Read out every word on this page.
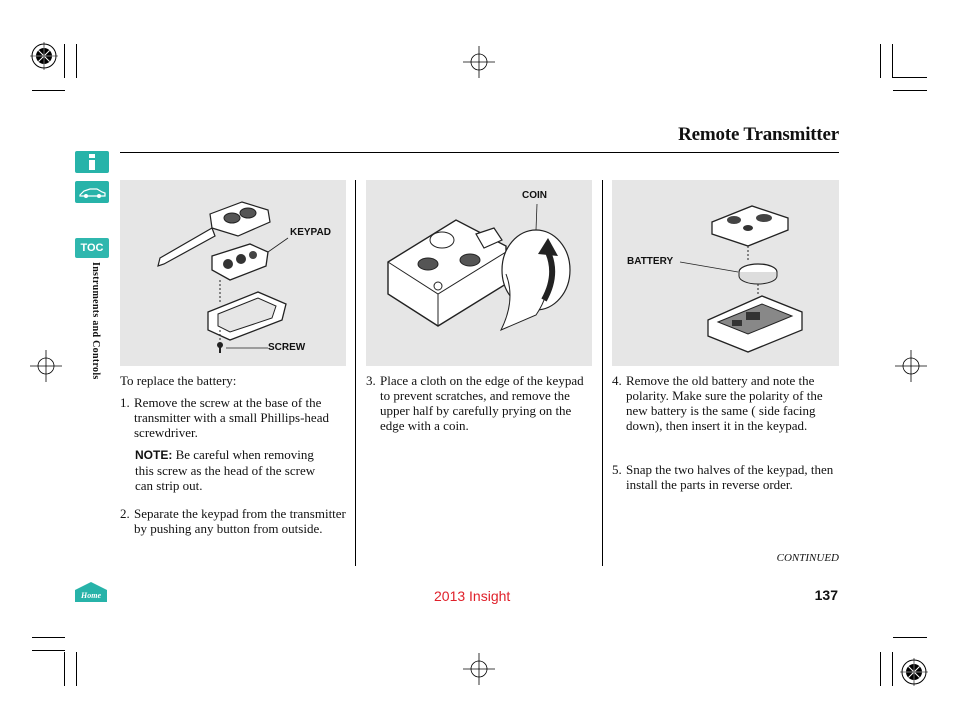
Remote Transmitter
TOC
Instruments and Controls
Home
KEYPAD
SCREW
COIN
BATTERY
To replace the battery:
1. Remove the screw at the base of the transmitter with a small Phillips-head screwdriver.
NOTE: Be careful when removing this screw as the head of the screw can strip out.
2. Separate the keypad from the transmitter by pushing any button from outside.
3. Place a cloth on the edge of the keypad to prevent scratches, and remove the upper half by carefully prying on the edge with a coin.
4. Remove the old battery and note the polarity. Make sure the polarity of the new battery is the same ( side facing down), then insert it in the keypad.
5. Snap the two halves of the keypad, then install the parts in reverse order.
CONTINUED
2013 Insight	137
